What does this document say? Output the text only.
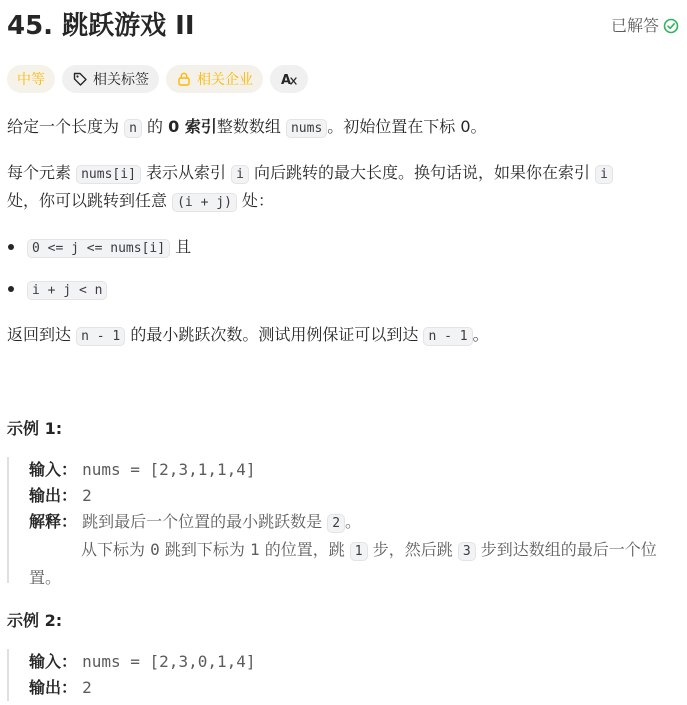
45. 跳跃游戏 II	已解答
中等	相关标签	相关企业 A

给定一个长度为 n 的 0 索引整数数组 nums 。初始位置在下标 0。

每个元素 nums[i] 表示从索引 i 向后跳转的最大长度。换句话说，如果你在索引 i 处，你可以跳转到任意 (i + j) 处：

0 <= j <= nums[i] 且
i + j < n

返回到达 n - 1 的最小跳跃次数。测试用例保证可以到达 n - 1 。

示例 1:
输入： nums = [2,3,1,1,4]
输出： 2
解释： 跳到最后一个位置的最小跳跃数是 2 。
从下标为 0 跳到下标为 1 的位置，跳 1 步，然后跳 3 步到达数组的最后一个位置。
示例 2:
输入： nums = [2,3,0,1,4]
输出： 2
